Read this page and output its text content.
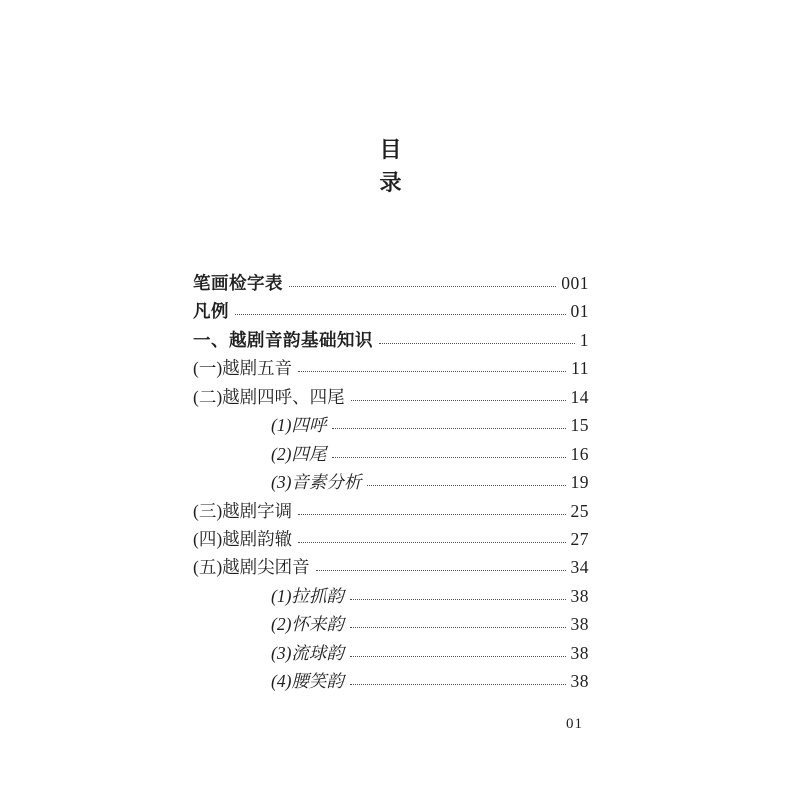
目
录
笔画检字表	001
凡例	01
一、越剧音韵基础知识	1
(一)越剧五音	11
(二)越剧四呼、四尾	14
(1)四呼	15
(2)四尾	16
(3)音素分析	19
(三)越剧字调	25
(四)越剧韵辙	27
(五)越剧尖团音	34
(1)拉抓韵	38
(2)怀来韵	38
(3)流球韵	38
(4)腰笑韵	38
01
